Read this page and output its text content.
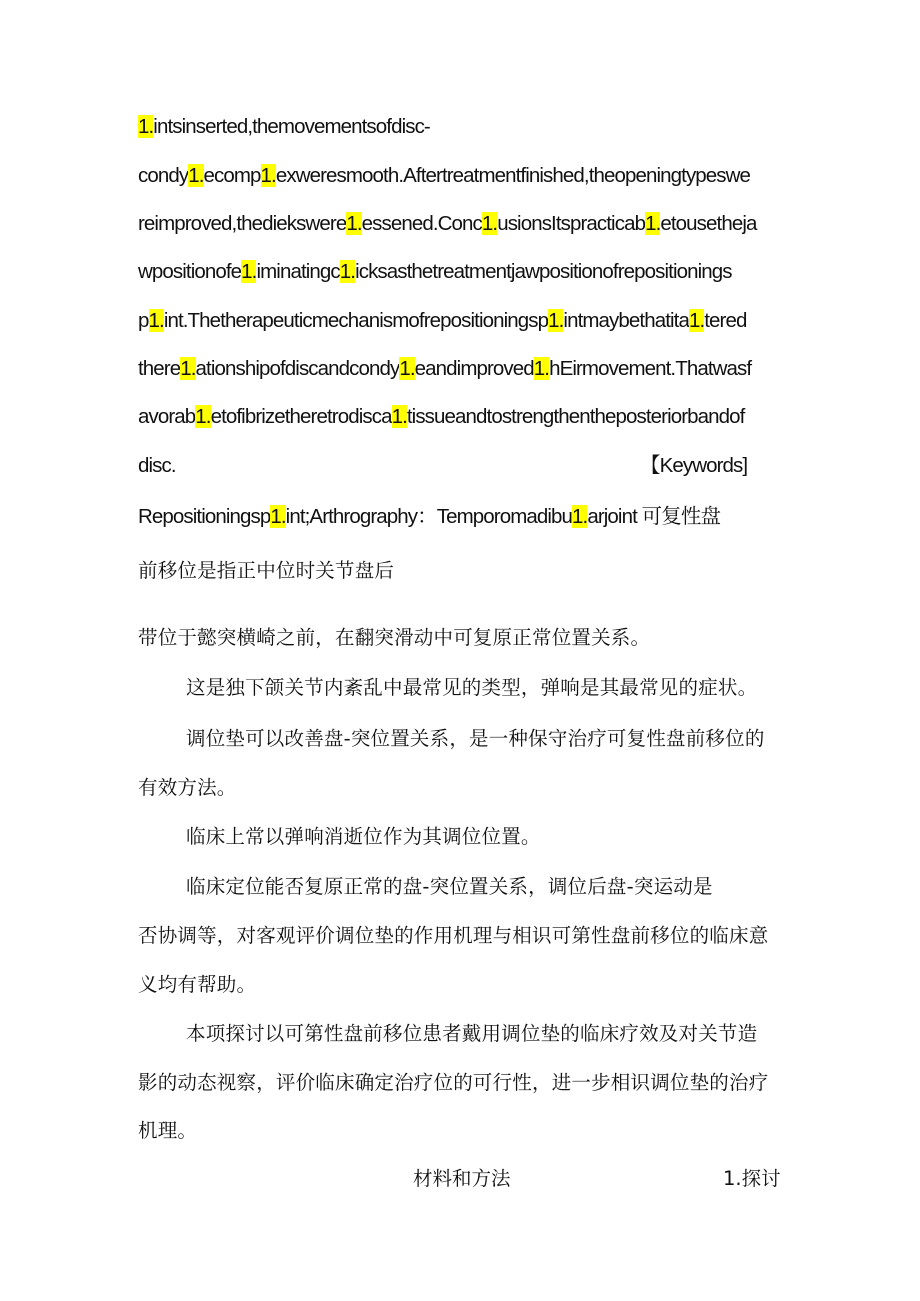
1.intsinserted,themovementsofdisc-
condy1.ecomp1.exweresmooth.Aftertreatmentfinished,theopeningtypeswe
reimproved,thediekswere1.essened.Conc1.usionsItspracticab1.etousetheja
wpositionofe1.iminatingc1.icksasthetreatmentjawpositionofrepositionings
p1.int.Thetherapeuticmechanismofrepositioningsp1.intmaybethatita1.tered
there1.ationshipofdiscandcondy1.eandimproved1.hEirmovement.Thatwasf
avorab1.etofibrizetheretrodisca1.tissueandtostrengthentheposteriorbandof
disc.	【Keywords]
Repositioningsp1.int;Arthrography：Temporomadibu1.arjoint 可复性盘
前移位是指正中位时关节盘后
带位于懿突横崎之前，在翻突滑动中可复原正常位置关系。
这是独下颌关节内紊乱中最常见的类型，弹响是其最常见的症状。
调位垫可以改善盘-突位置关系，是一种保守治疗可复性盘前移位的
有效方法。
临床上常以弹响消逝位作为其调位位置。
临床定位能否复原正常的盘-突位置关系，调位后盘-突运动是
否协调等，对客观评价调位垫的作用机理与相识可第性盘前移位的临床意
义均有帮助。
本项探讨以可第性盘前移位患者戴用调位垫的临床疗效及对关节造
影的动态视察，评价临床确定治疗位的可行性，进一步相识调位垫的治疗
机理。
材料和方法	1.探讨
